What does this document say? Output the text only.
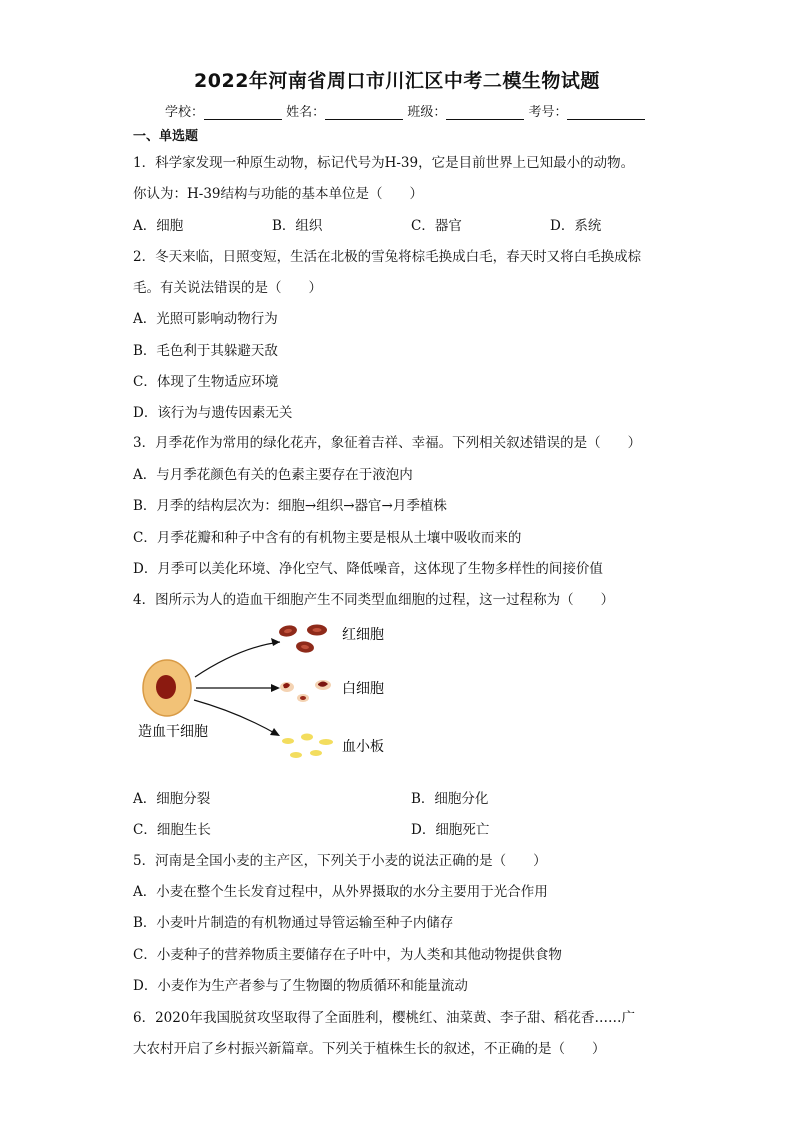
2022年河南省周口市川汇区中考二模生物试题
学校：	姓名：	班级：	考号：
一、单选题
1．科学家发现一种原生动物，标记代号为H-39，它是目前世界上已知最小的动物。
你认为：H-39结构与功能的基本单位是（　　）
A．细胞	B．组织	C．器官	D．系统
2．冬天来临，日照变短，生活在北极的雪兔将棕毛换成白毛，春天时又将白毛换成棕
毛。有关说法错误的是（　　）
A．光照可影响动物行为
B．毛色利于其躲避天敌
C．体现了生物适应环境
D．该行为与遗传因素无关
3．月季花作为常用的绿化花卉，象征着吉祥、幸福。下列相关叙述错误的是（　　）
A．与月季花颜色有关的色素主要存在于液泡内
B．月季的结构层次为：细胞→组织→器官→月季植株
C．月季花瓣和种子中含有的有机物主要是根从土壤中吸收而来的
D．月季可以美化环境、净化空气、降低噪音，这体现了生物多样性的间接价值
4．图所示为人的造血干细胞产生不同类型血细胞的过程，这一过程称为（　　）
红细胞
白细胞
血小板
造血干细胞
A．细胞分裂	B．细胞分化
C．细胞生长	D．细胞死亡
5．河南是全国小麦的主产区，下列关于小麦的说法正确的是（　　）
A．小麦在整个生长发育过程中，从外界摄取的水分主要用于光合作用
B．小麦叶片制造的有机物通过导管运输至种子内储存
C．小麦种子的营养物质主要储存在子叶中，为人类和其他动物提供食物
D．小麦作为生产者参与了生物圈的物质循环和能量流动
6．2020年我国脱贫攻坚取得了全面胜利，樱桃红、油菜黄、李子甜、稻花香……广
大农村开启了乡村振兴新篇章。下列关于植株生长的叙述，不正确的是（　　）
